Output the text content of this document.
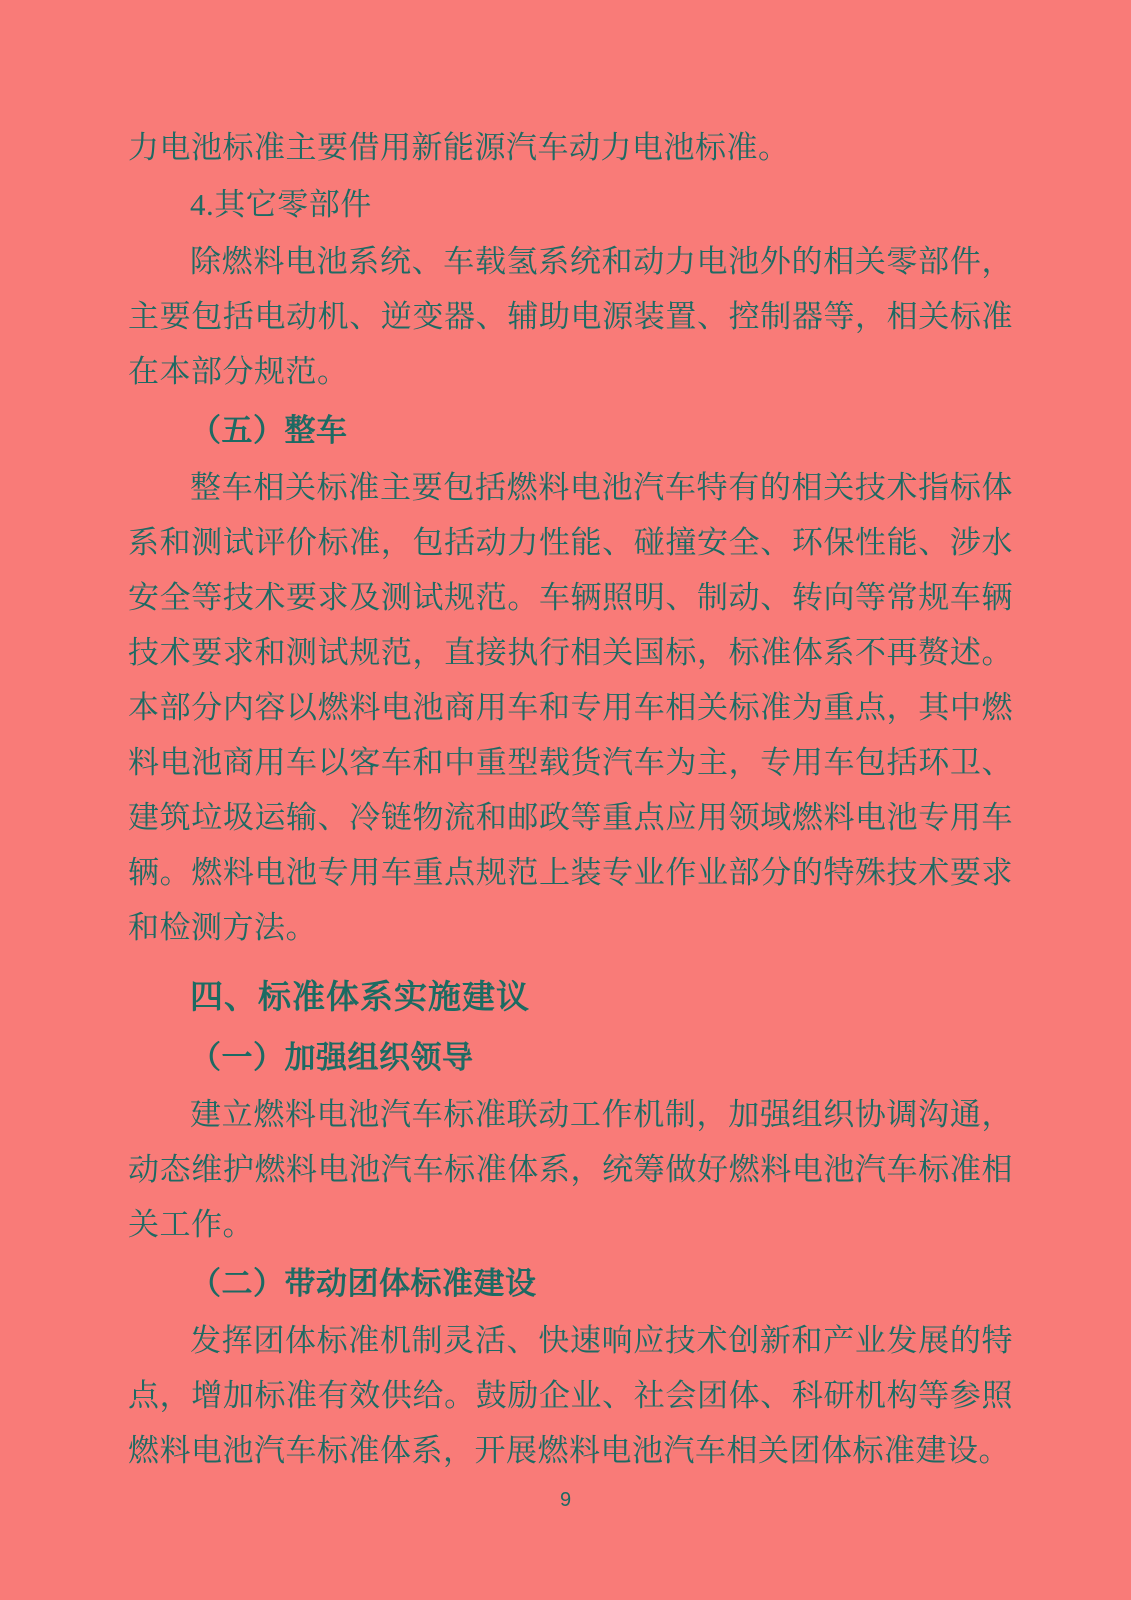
力电池标准主要借用新能源汽车动力电池标准。

4.其它零部件

除燃料电池系统、车载氢系统和动力电池外的相关零部件，主要包括电动机、逆变器、辅助电源装置、控制器等，相关标准在本部分规范。

（五）整车

整车相关标准主要包括燃料电池汽车特有的相关技术指标体系和测试评价标准，包括动力性能、碰撞安全、环保性能、涉水安全等技术要求及测试规范。车辆照明、制动、转向等常规车辆技术要求和测试规范，直接执行相关国标，标准体系不再赘述。本部分内容以燃料电池商用车和专用车相关标准为重点，其中燃料电池商用车以客车和中重型载货汽车为主，专用车包括环卫、建筑垃圾运输、冷链物流和邮政等重点应用领域燃料电池专用车辆。燃料电池专用车重点规范上装专业作业部分的特殊技术要求和检测方法。

四、标准体系实施建议

（一）加强组织领导

建立燃料电池汽车标准联动工作机制，加强组织协调沟通，动态维护燃料电池汽车标准体系，统筹做好燃料电池汽车标准相关工作。

（二）带动团体标准建设

发挥团体标准机制灵活、快速响应技术创新和产业发展的特点，增加标准有效供给。鼓励企业、社会团体、科研机构等参照燃料电池汽车标准体系，开展燃料电池汽车相关团体标准建设。

9
